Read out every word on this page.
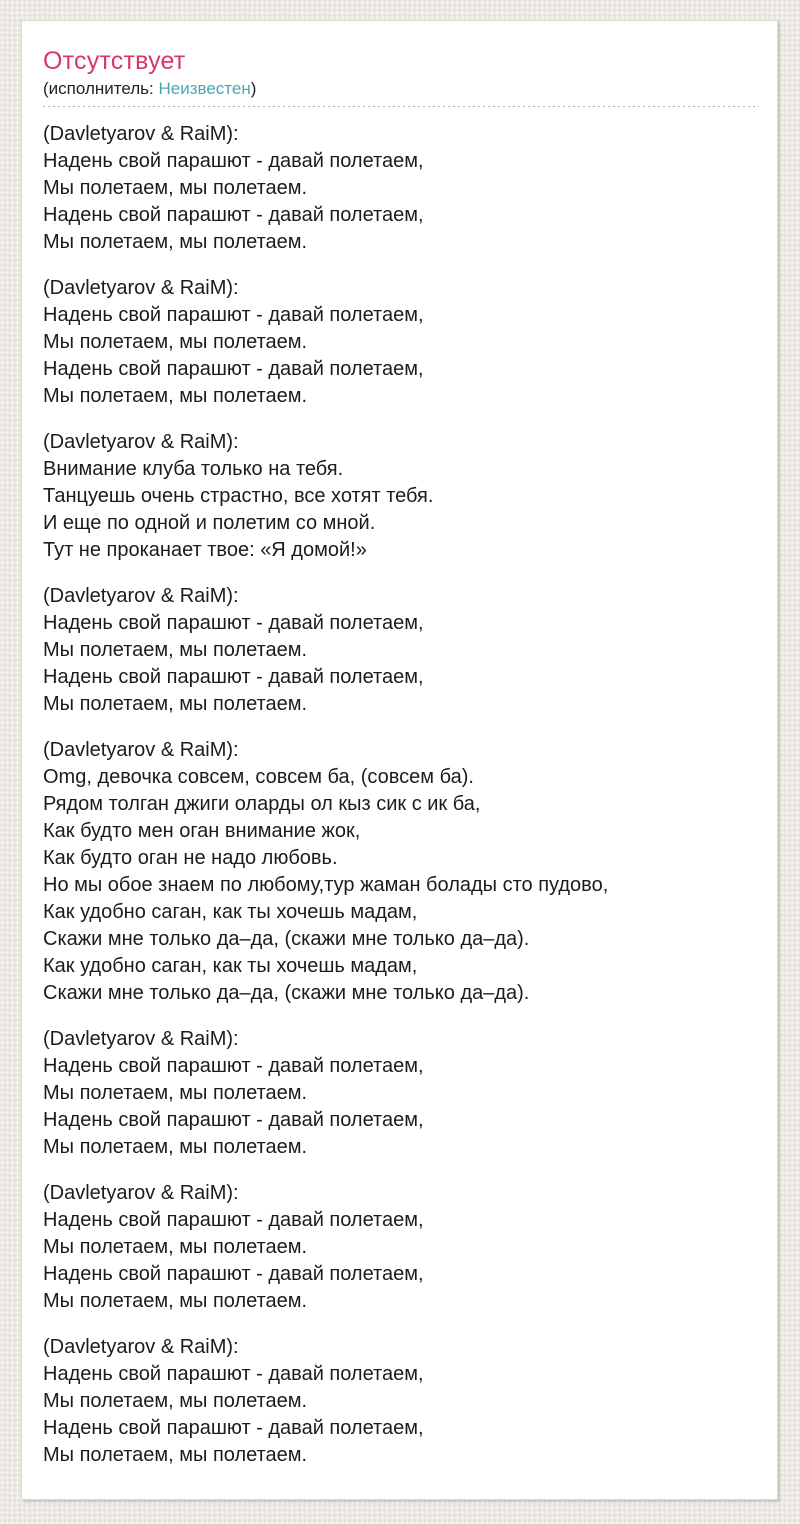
Отсутствует
(исполнитель: Неизвестен)
(Davletyarov & RaiM):
Надень свой парашют - давай полетаем,
Мы полетаем, мы полетаем.
Надень свой парашют - давай полетаем,
Мы полетаем, мы полетаем.
(Davletyarov & RaiM):
Надень свой парашют - давай полетаем,
Мы полетаем, мы полетаем.
Надень свой парашют - давай полетаем,
Мы полетаем, мы полетаем.
(Davletyarov & RaiM):
Внимание клуба только на тебя.
Танцуешь очень страстно, все хотят тебя.
И еще по одной и полетим со мной.
Тут не проканает твое: «Я домой!»
(Davletyarov & RaiM):
Надень свой парашют - давай полетаем,
Мы полетаем, мы полетаем.
Надень свой парашют - давай полетаем,
Мы полетаем, мы полетаем.
(Davletyarov & RaiM):
Omg, девочка совсем, совсем ба, (совсем ба).
Рядом толган джиги оларды ол кыз сик с ик ба,
Как будто мен оган внимание жок,
Как будто оган не надо любовь.
Но мы обое знаем по любому,тур жаман болады сто пудово,
Как удобно саган, как ты хочешь мадам,
Скажи мне только да–да, (скажи мне только да–да).
Как удобно саган, как ты хочешь мадам,
Скажи мне только да–да, (скажи мне только да–да).
(Davletyarov & RaiM):
Надень свой парашют - давай полетаем,
Мы полетаем, мы полетаем.
Надень свой парашют - давай полетаем,
Мы полетаем, мы полетаем.
(Davletyarov & RaiM):
Надень свой парашют - давай полетаем,
Мы полетаем, мы полетаем.
Надень свой парашют - давай полетаем,
Мы полетаем, мы полетаем.
(Davletyarov & RaiM):
Надень свой парашют - давай полетаем,
Мы полетаем, мы полетаем.
Надень свой парашют - давай полетаем,
Мы полетаем, мы полетаем.
